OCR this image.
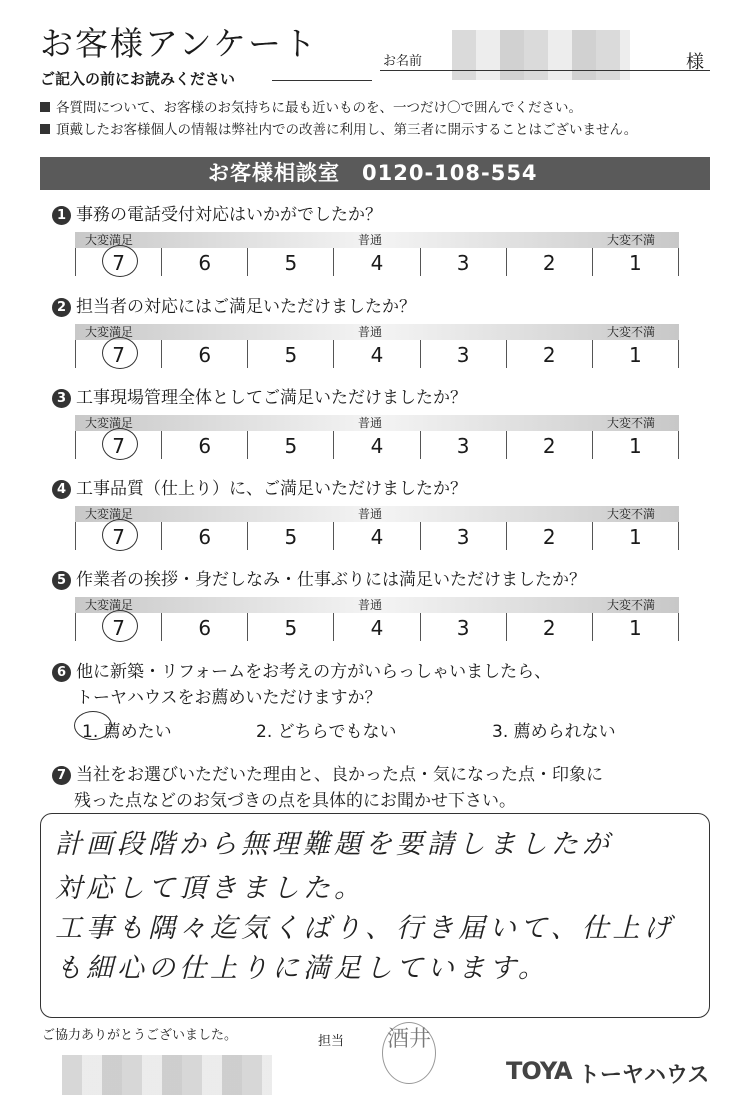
お客様アンケート	お名前	様
ご記入の前にお読みください
各質問について、お客様のお気持ちに最も近いものを、一つだけ〇で囲んでください。
頂戴したお客様個人の情報は弊社内での改善に利用し、第三者に開示することはございません。
お客様相談室　0120-108-554
1 事務の電話受付対応はいかがでしたか？
大変満足	普通	大変不満
7	6	5	4	3	2	1
2 担当者の対応にはご満足いただけましたか？
大変満足	普通	大変不満
7	6	5	4	3	2	1
3 工事現場管理全体としてご満足いただけましたか？
大変満足	普通	大変不満
7	6	5	4	3	2	1
4 工事品質（仕上り）に、ご満足いただけましたか？
大変満足	普通	大変不満
7	6	5	4	3	2	1
5 作業者の挨拶・身だしなみ・仕事ぶりには満足いただけましたか？
大変満足	普通	大変不満
7	6	5	4	3	2	1
6 他に新築・リフォームをお考えの方がいらっしゃいましたら、
トーヤハウスをお薦めいただけますか？
1. 薦めたい	2. どちらでもない	3. 薦められない
7 当社をお選びいただいた理由と、良かった点・気になった点・印象に
残った点などのお気づきの点を具体的にお聞かせ下さい。
計画段階から無理難題を要請しましたが
対応して頂きました。
工事も隅々迄気くばり、行き届いて、仕上げ
も細心の仕上りに満足しています。
ご協力ありがとうございました。	担当 酒井
TOYA トーヤハウス
